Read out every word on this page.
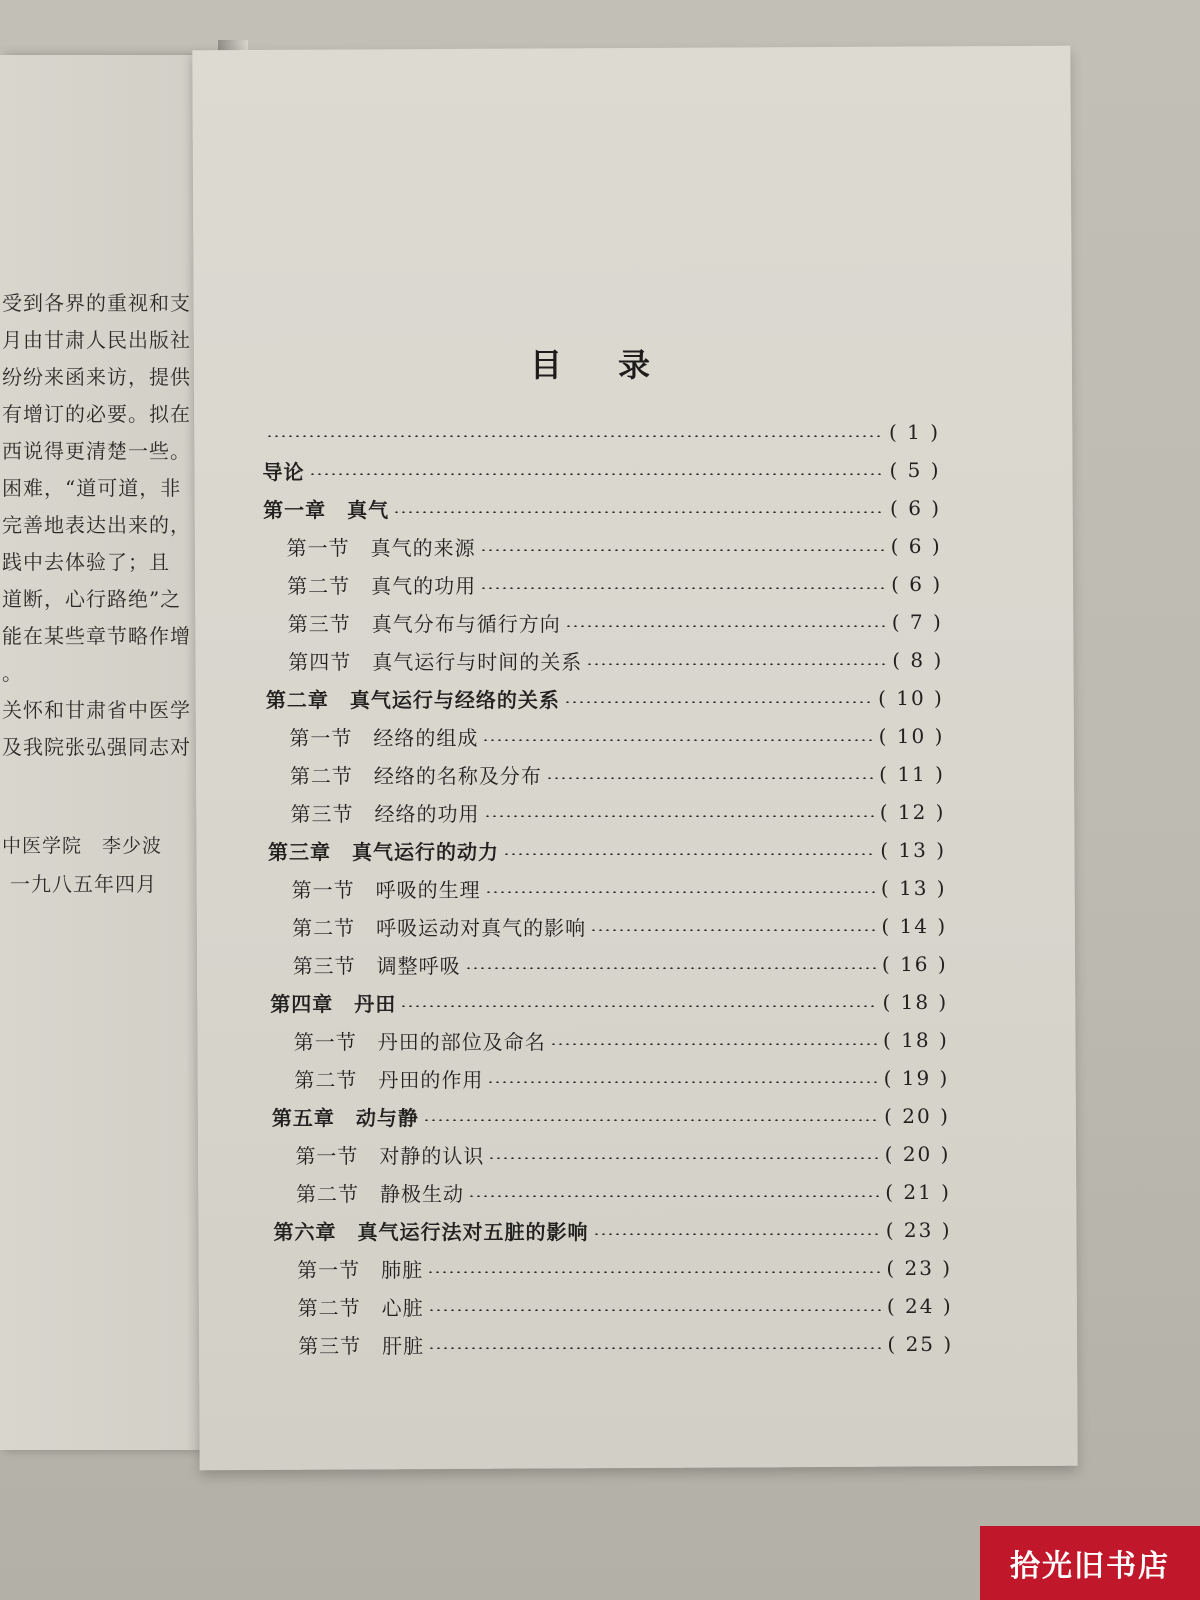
受到各界的重视和支
月由甘肃人民出版社
纷纷来函来访，提供
有增订的必要。拟在
西说得更清楚一些。
困难，“道可道，非
完善地表达出来的，
践中去体验了；且
道断，心行路绝”之
能在某些章节略作增
。
关怀和甘肃省中医学
及我院张弘强同志对
中医学院　李少波
一九八五年四月
目录
( 1 )
导论	( 5 )
第一章　真气	( 6 )
第一节　真气的来源	( 6 )
第二节　真气的功用	( 6 )
第三节　真气分布与循行方向	( 7 )
第四节　真气运行与时间的关系	( 8 )
第二章　真气运行与经络的关系	( 10 )
第一节　经络的组成	( 10 )
第二节　经络的名称及分布	( 11 )
第三节　经络的功用	( 12 )
第三章　真气运行的动力	( 13 )
第一节　呼吸的生理	( 13 )
第二节　呼吸运动对真气的影响	( 14 )
第三节　调整呼吸	( 16 )
第四章　丹田	( 18 )
第一节　丹田的部位及命名	( 18 )
第二节　丹田的作用	( 19 )
第五章　动与静	( 20 )
第一节　对静的认识	( 20 )
第二节　静极生动	( 21 )
第六章　真气运行法对五脏的影响	( 23 )
第一节　肺脏	( 23 )
第二节　心脏	( 24 )
第三节　肝脏	( 25 )
拾光旧书店
